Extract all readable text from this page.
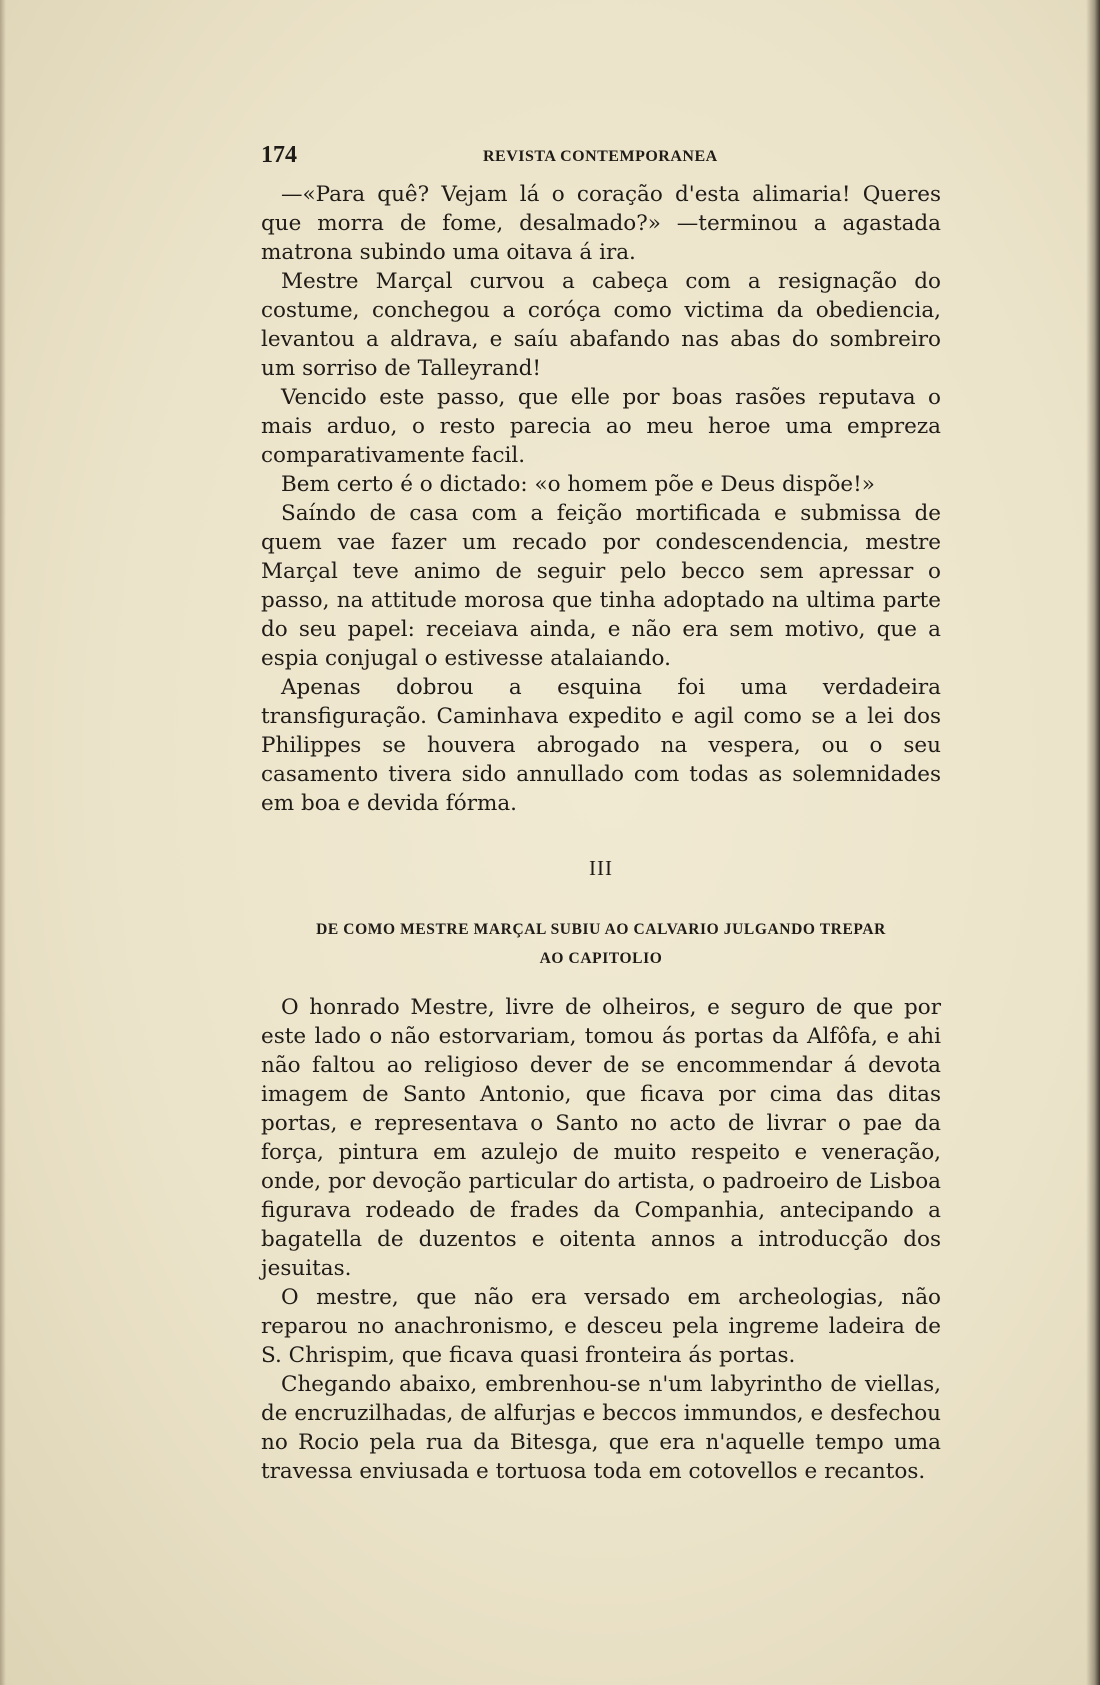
174	REVISTA CONTEMPORANEA

—«Para quê? Vejam lá o coração d'esta alimaria! Queres que morra de fome, desalmado?» —terminou a agastada matrona subindo uma oitava á ira.

Mestre Marçal curvou a cabeça com a resignação do costume, conchegou a coróça como victima da obediencia, levantou a aldrava, e saíu abafando nas abas do sombreiro um sorriso de Talleyrand!

Vencido este passo, que elle por boas rasões reputava o mais arduo, o resto parecia ao meu heroe uma empreza comparativamente facil.

Bem certo é o dictado: «o homem põe e Deus dispõe!»

Saíndo de casa com a feição mortificada e submissa de quem vae fazer um recado por condescendencia, mestre Marçal teve animo de seguir pelo becco sem apressar o passo, na attitude morosa que tinha adoptado na ultima parte do seu papel: receiava ainda, e não era sem motivo, que a espia conjugal o estivesse atalaiando.

Apenas dobrou a esquina foi uma verdadeira transfiguração. Caminhava expedito e agil como se a lei dos Philippes se houvera abrogado na vespera, ou o seu casamento tivera sido annullado com todas as solemnidades em boa e devida fórma.

III
DE COMO MESTRE MARÇAL SUBIU AO CALVARIO JULGANDO TREPAR
AO CAPITOLIO

O honrado Mestre, livre de olheiros, e seguro de que por este lado o não estorvariam, tomou ás portas da Alfôfa, e ahi não faltou ao religioso dever de se encommendar á devota imagem de Santo Antonio, que ficava por cima das ditas portas, e representava o Santo no acto de livrar o pae da força, pintura em azulejo de muito respeito e veneração, onde, por devoção particular do artista, o padroeiro de Lisboa figurava rodeado de frades da Companhia, antecipando a bagatella de duzentos e oitenta annos a introducção dos jesuitas.

O mestre, que não era versado em archeologias, não reparou no anachronismo, e desceu pela ingreme ladeira de S. Chrispim, que ficava quasi fronteira ás portas.

Chegando abaixo, embrenhou-se n'um labyrintho de viellas, de encruzilhadas, de alfurjas e beccos immundos, e desfechou no Rocio pela rua da Bitesga, que era n'aquelle tempo uma travessa enviusada e tortuosa toda em cotovellos e recantos.
